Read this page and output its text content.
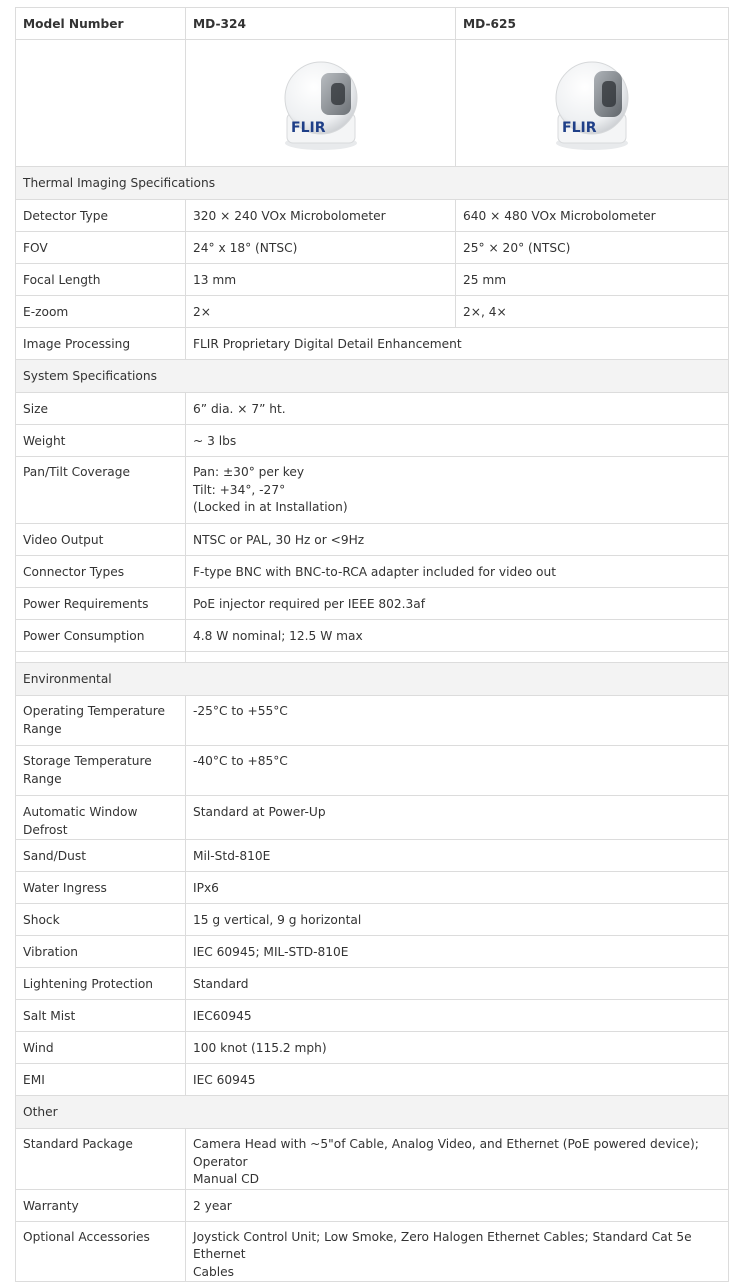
Model Number	MD-324	MD-625

FLIR	FLIR

Thermal Imaging Specifications		
Detector Type	320 × 240 VOx Microbolometer	640 × 480 VOx Microbolometer
FOV	24° x 18° (NTSC)	25° × 20° (NTSC)
Focal Length	13 mm	25 mm
E-zoom	2×	2×, 4×
Image Processing	FLIR Proprietary Digital Detail Enhancement	
System Specifications		
Size	6” dia. × 7” ht.	
Weight	~ 3 lbs	
Pan/Tilt Coverage	Pan: ±30° per key
Tilt: +34°, -27°
(Locked in at Installation)	

Video Output	NTSC or PAL, 30 Hz or <9Hz	
Connector Types	F-type BNC with BNC-to-RCA adapter included for video out	
Power Requirements	PoE injector required per IEEE 802.3af	
Power Consumption	4.8 W nominal; 12.5 W max	

Environmental		

Operating Temperature
Range	-25°C to +55°C	

Storage Temperature
Range	-40°C to +85°C	
Automatic Window Defrost	Standard at Power-Up	
Sand/Dust	Mil-Std-810E	
Water Ingress	IPx6	
Shock	15 g vertical, 9 g horizontal	
Vibration	IEC 60945; MIL-STD-810E	
Lightening Protection	Standard	
Salt Mist	IEC60945	
Wind	100 knot (115.2 mph)	
EMI	IEC 60945	
Other		
Standard Package	Camera Head with ~5"of Cable, Analog Video, and Ethernet (PoE powered device); Operator
Manual CD	

Warranty	2 year	
Optional Accessories	Joystick Control Unit; Low Smoke, Zero Halogen Ethernet Cables; Standard Cat 5e Ethernet
Cables	
